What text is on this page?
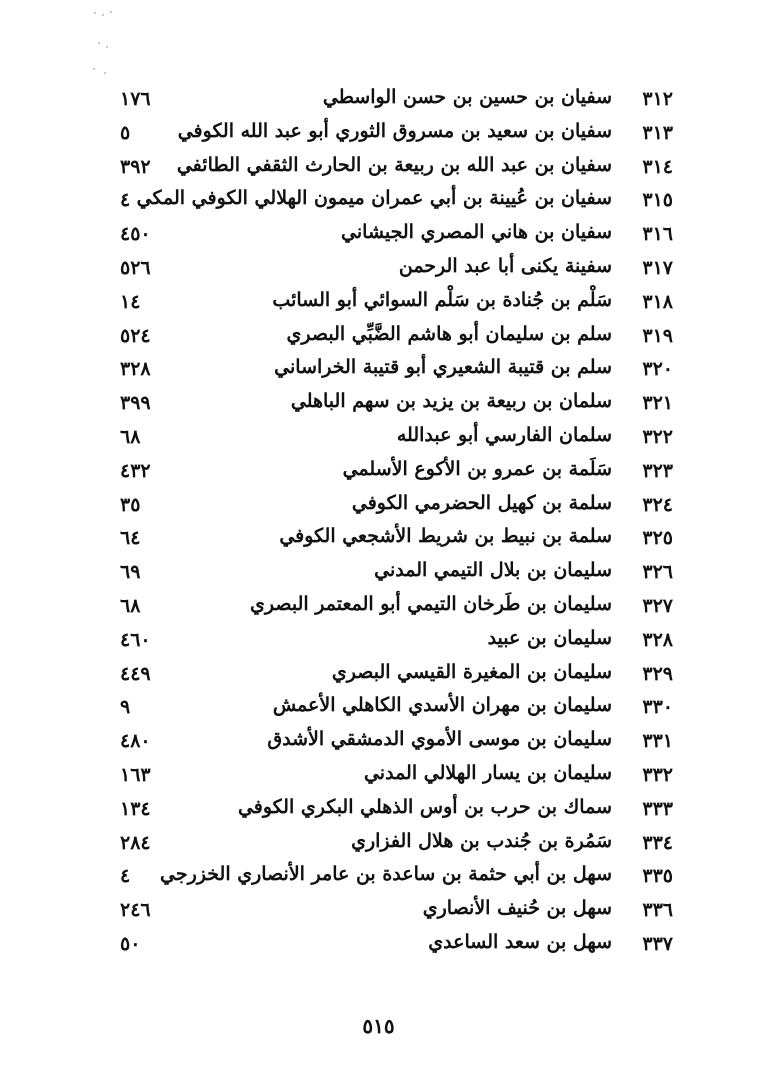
٣١٢
سفيان بن حسين بن حسن الواسطي
١٧٦
٣١٣
سفيان بن سعيد بن مسروق الثوري أبو عبد الله الكوفي
٥
٣١٤
سفيان بن عبد الله بن ربيعة بن الحارث الثقفي الطائفي
٣٩٢
٣١٥
سفيان بن عُيينة بن أبي عمران ميمون الهلالي الكوفي المكي
٤
٣١٦
سفيان بن هاني المصري الجيشاني
٤٥٠
٣١٧
سفينة يكنى أبا عبد الرحمن
٥٢٦
٣١٨
سَلْم بن جُنادة بن سَلْم السوائي أبو السائب
١٤
٣١٩
سلم بن سليمان أبو هاشم الضَّبِّي البصري
٥٢٤
٣٢٠
سلم بن قتيبة الشعيري أبو قتيبة الخراساني
٣٢٨
٣٢١
سلمان بن ربيعة بن يزيد بن سهم الباهلي
٣٩٩
٣٢٢
سلمان الفارسي أبو عبدالله
٦٨
٣٢٣
سَلَمة بن عمرو بن الأكوع الأسلمي
٤٣٢
٣٢٤
سلمة بن كهيل الحضرمي الكوفي
٣٥
٣٢٥
سلمة بن نبيط بن شريط الأشجعي الكوفي
٦٤
٣٢٦
سليمان بن بلال التيمي المدني
٦٩
٣٢٧
سليمان بن طَرخان التيمي أبو المعتمر البصري
٦٨
٣٢٨
سليمان بن عبيد
٤٦٠
٣٢٩
سليمان بن المغيرة القيسي البصري
٤٤٩
٣٣٠
سليمان بن مهران الأسدي الكاهلي الأعمش
٩
٣٣١
سليمان بن موسى الأموي الدمشقي الأشدق
٤٨٠
٣٣٢
سليمان بن يسار الهلالي المدني
١٦٣
٣٣٣
سماك بن حرب بن أوس الذهلي البكري الكوفي
١٣٤
٣٣٤
سَمُرة بن جُندب بن هلال الفزاري
٢٨٤
٣٣٥
سهل بن أبي حثمة بن ساعدة بن عامر الأنصاري الخزرجي
٤
٣٣٦
سهل بن حُنيف الأنصاري
٢٤٦
٣٣٧
سهل بن سعد الساعدي
٥٠
٥١٥
